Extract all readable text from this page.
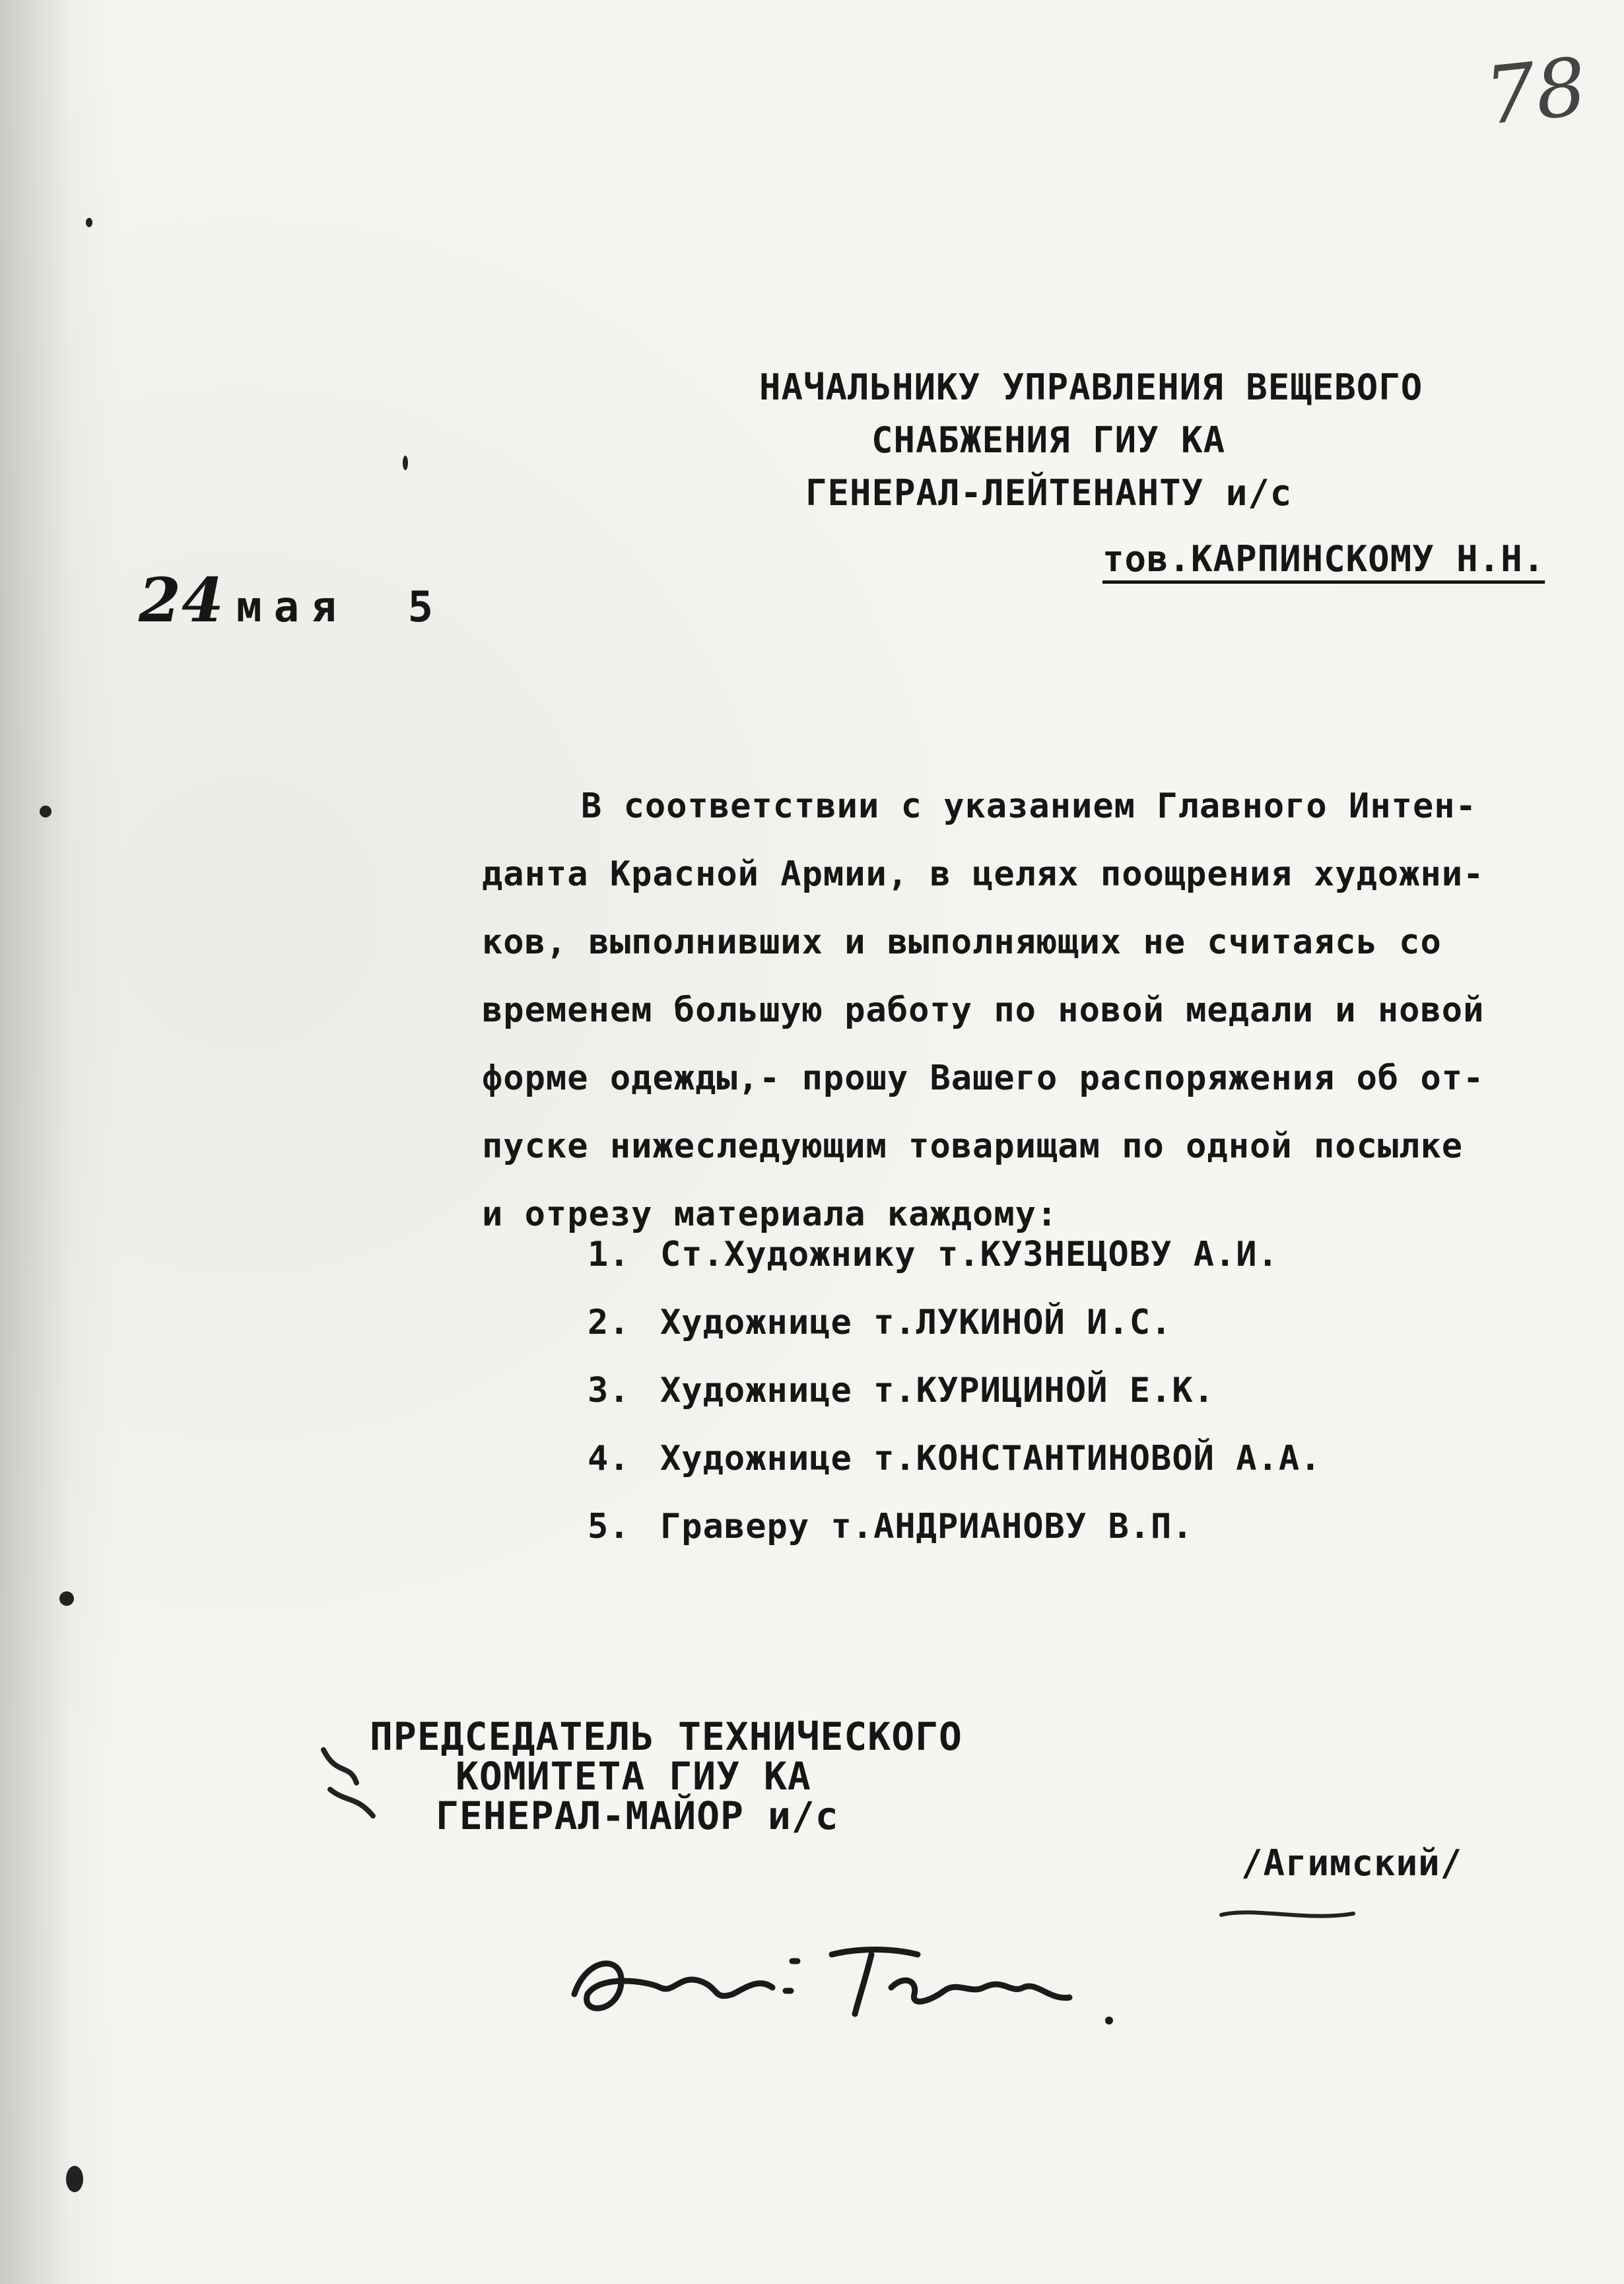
78
НАЧАЛЬНИКУ УПРАВЛЕНИЯ ВЕЩЕВОГО
СНАБЖЕНИЯ ГИУ КА
ГЕНЕРАЛ-ЛЕЙТЕНАНТУ и/с
тов.КАРПИНСКОМУ Н.Н.
24 мая 5
В соответствии с указанием Главного Интен-
данта Красной Армии, в целях поощрения художни-
ков, выполнивших и выполняющих не считаясь со
временем большую работу по новой медали и новой
форме одежды,- прошу Вашего распоряжения об от-
пуске нижеследующим товарищам по одной посылке
и отрезу материала каждому:
1. Ст.Художнику т.КУЗНЕЦОВУ А.И.
2. Художнице т.ЛУКИНОЙ И.С.
3. Художнице т.КУРИЦИНОЙ Е.К.
4. Художнице т.КОНСТАНТИНОВОЙ А.А.
5. Граверу т.АНДРИАНОВУ В.П.
ПРЕДСЕДАТЕЛЬ ТЕХНИЧЕСКОГО
КОМИТЕТА ГИУ КА
ГЕНЕРАЛ-МАЙОР и/с
/Агимский/
